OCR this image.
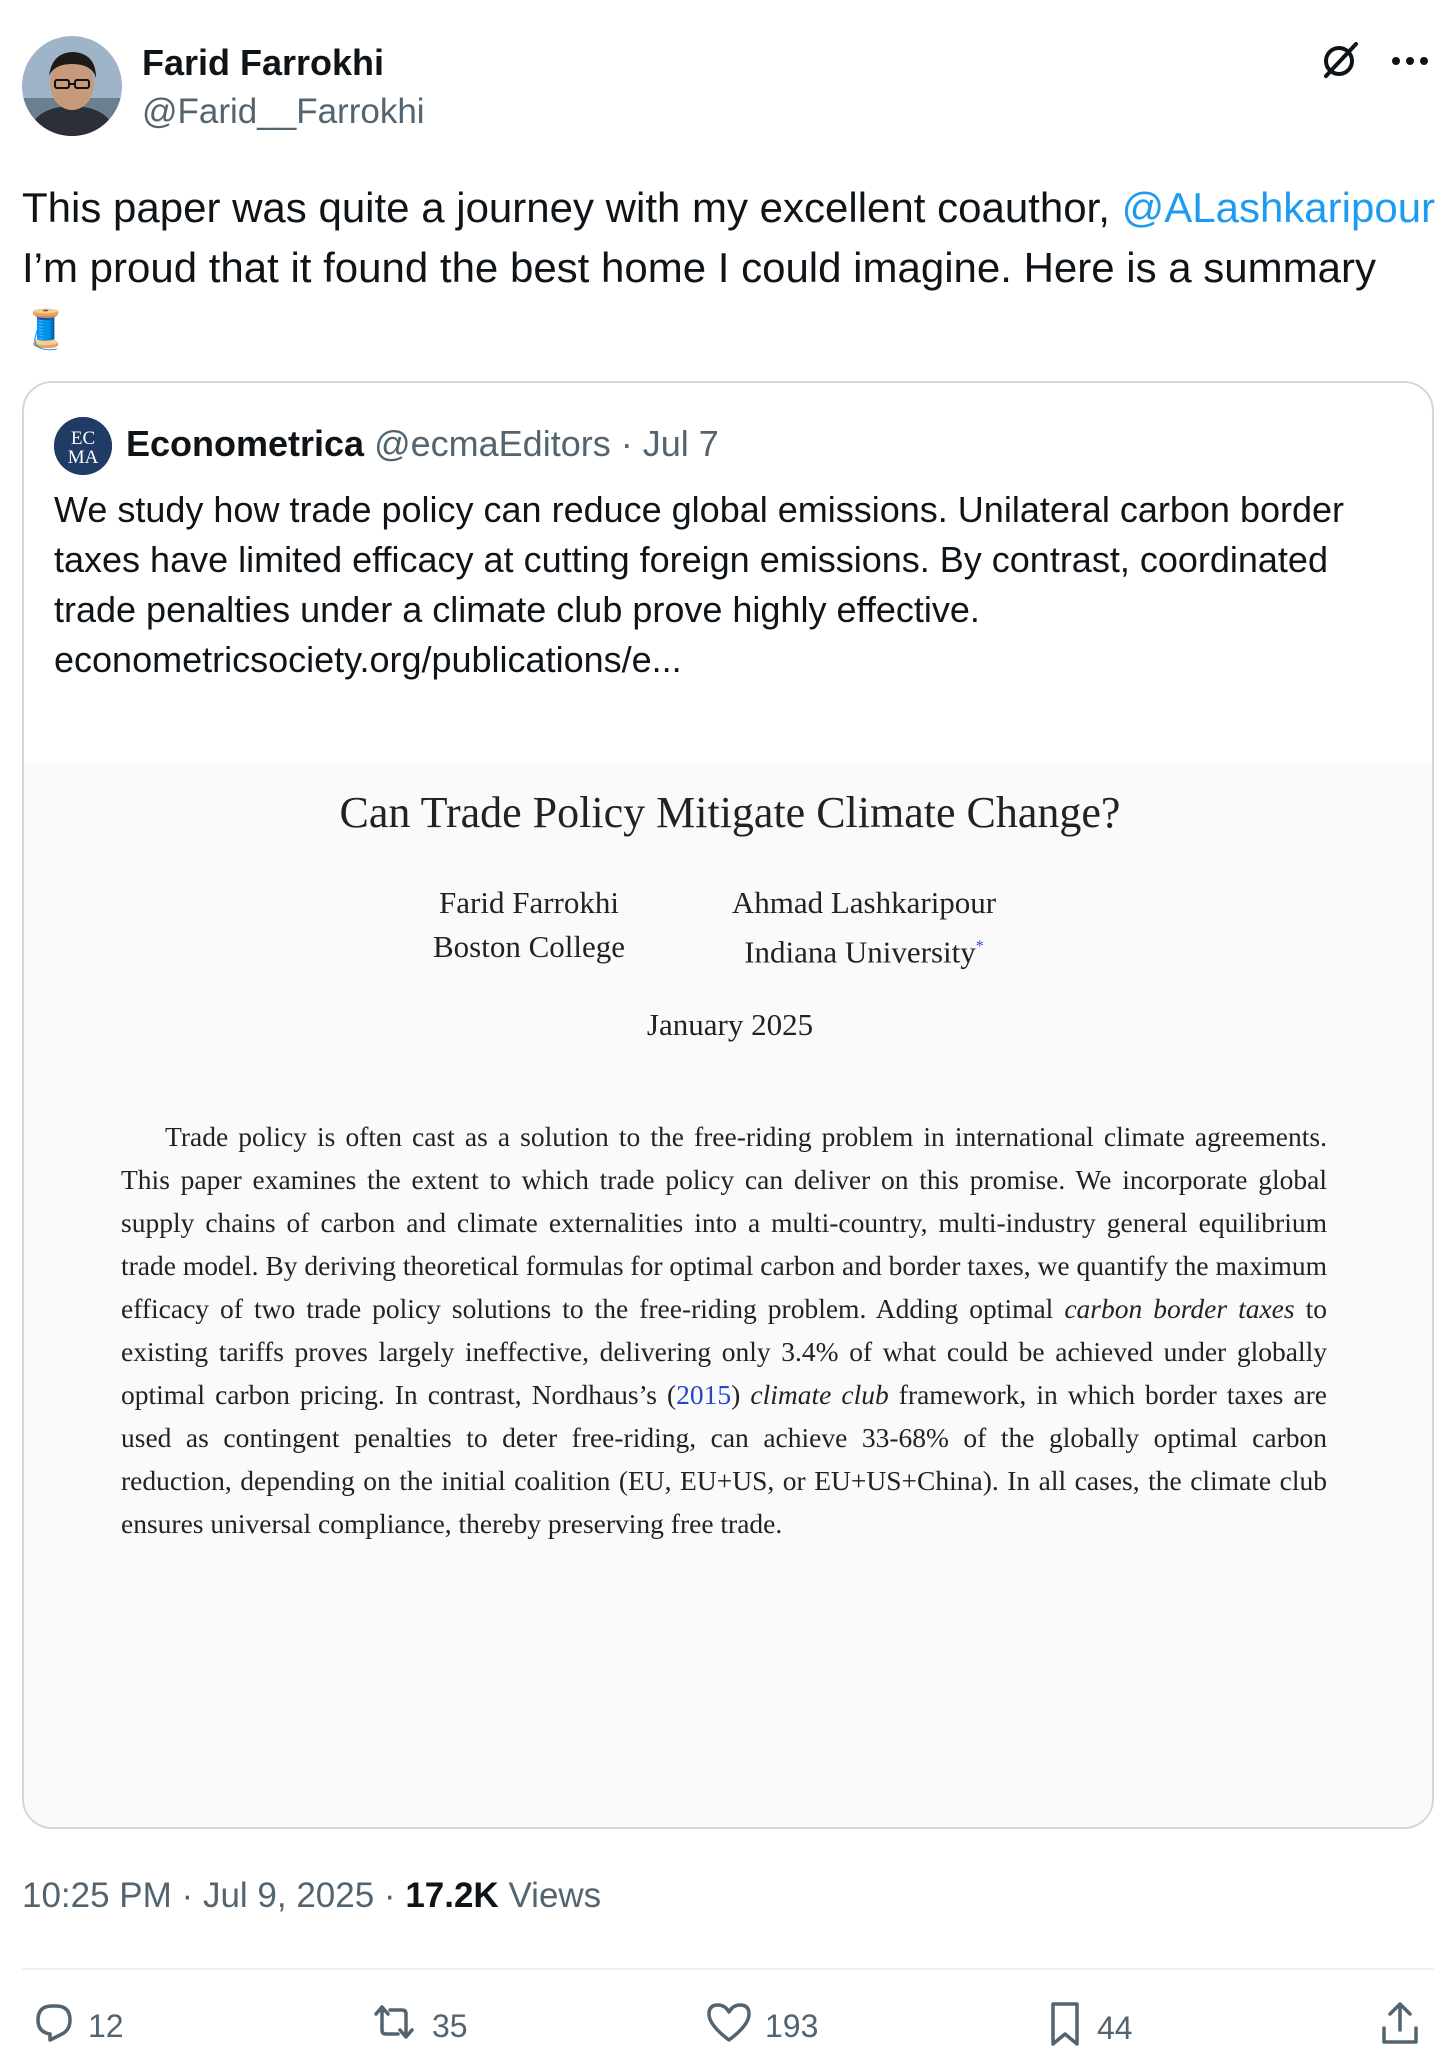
Farid Farrokhi
@Farid__Farrokhi
This paper was quite a journey with my excellent coauthor, @ALashkaripour I’m proud that it found the best home I could imagine. Here is a summary
🧵
EC
MA Econometrica @ecmaEditors · Jul 7
We study how trade policy can reduce global emissions. Unilateral carbon border taxes have limited efficacy at cutting foreign emissions. By contrast, coordinated trade penalties under a climate club prove highly effective.
econometricsociety.org/publications/e...
Can Trade Policy Mitigate Climate Change?
Farid Farrokhi
Boston College
Ahmad Lashkaripour
Indiana University*
January 2025
Trade policy is often cast as a solution to the free-riding problem in international climate agreements. This paper examines the extent to which trade policy can deliver on this promise. We incorporate global supply chains of carbon and climate externalities into a multi-country, multi-industry general equilibrium trade model. By deriving theoretical formulas for optimal carbon and border taxes, we quantify the maximum efficacy of two trade policy solutions to the free-riding problem. Adding optimal carbon border taxes to existing tariffs proves largely ineffective, delivering only 3.4% of what could be achieved under globally optimal carbon pricing. In contrast, Nordhaus’s (2015) climate club framework, in which border taxes are used as contingent penalties to deter free-riding, can achieve 33-68% of the globally optimal carbon reduction, depending on the initial coalition (EU, EU+US, or EU+US+China). In all cases, the climate club ensures universal compliance, thereby preserving free trade.
10:25 PM · Jul 9, 2025 · 17.2K Views
12	35	193	44
